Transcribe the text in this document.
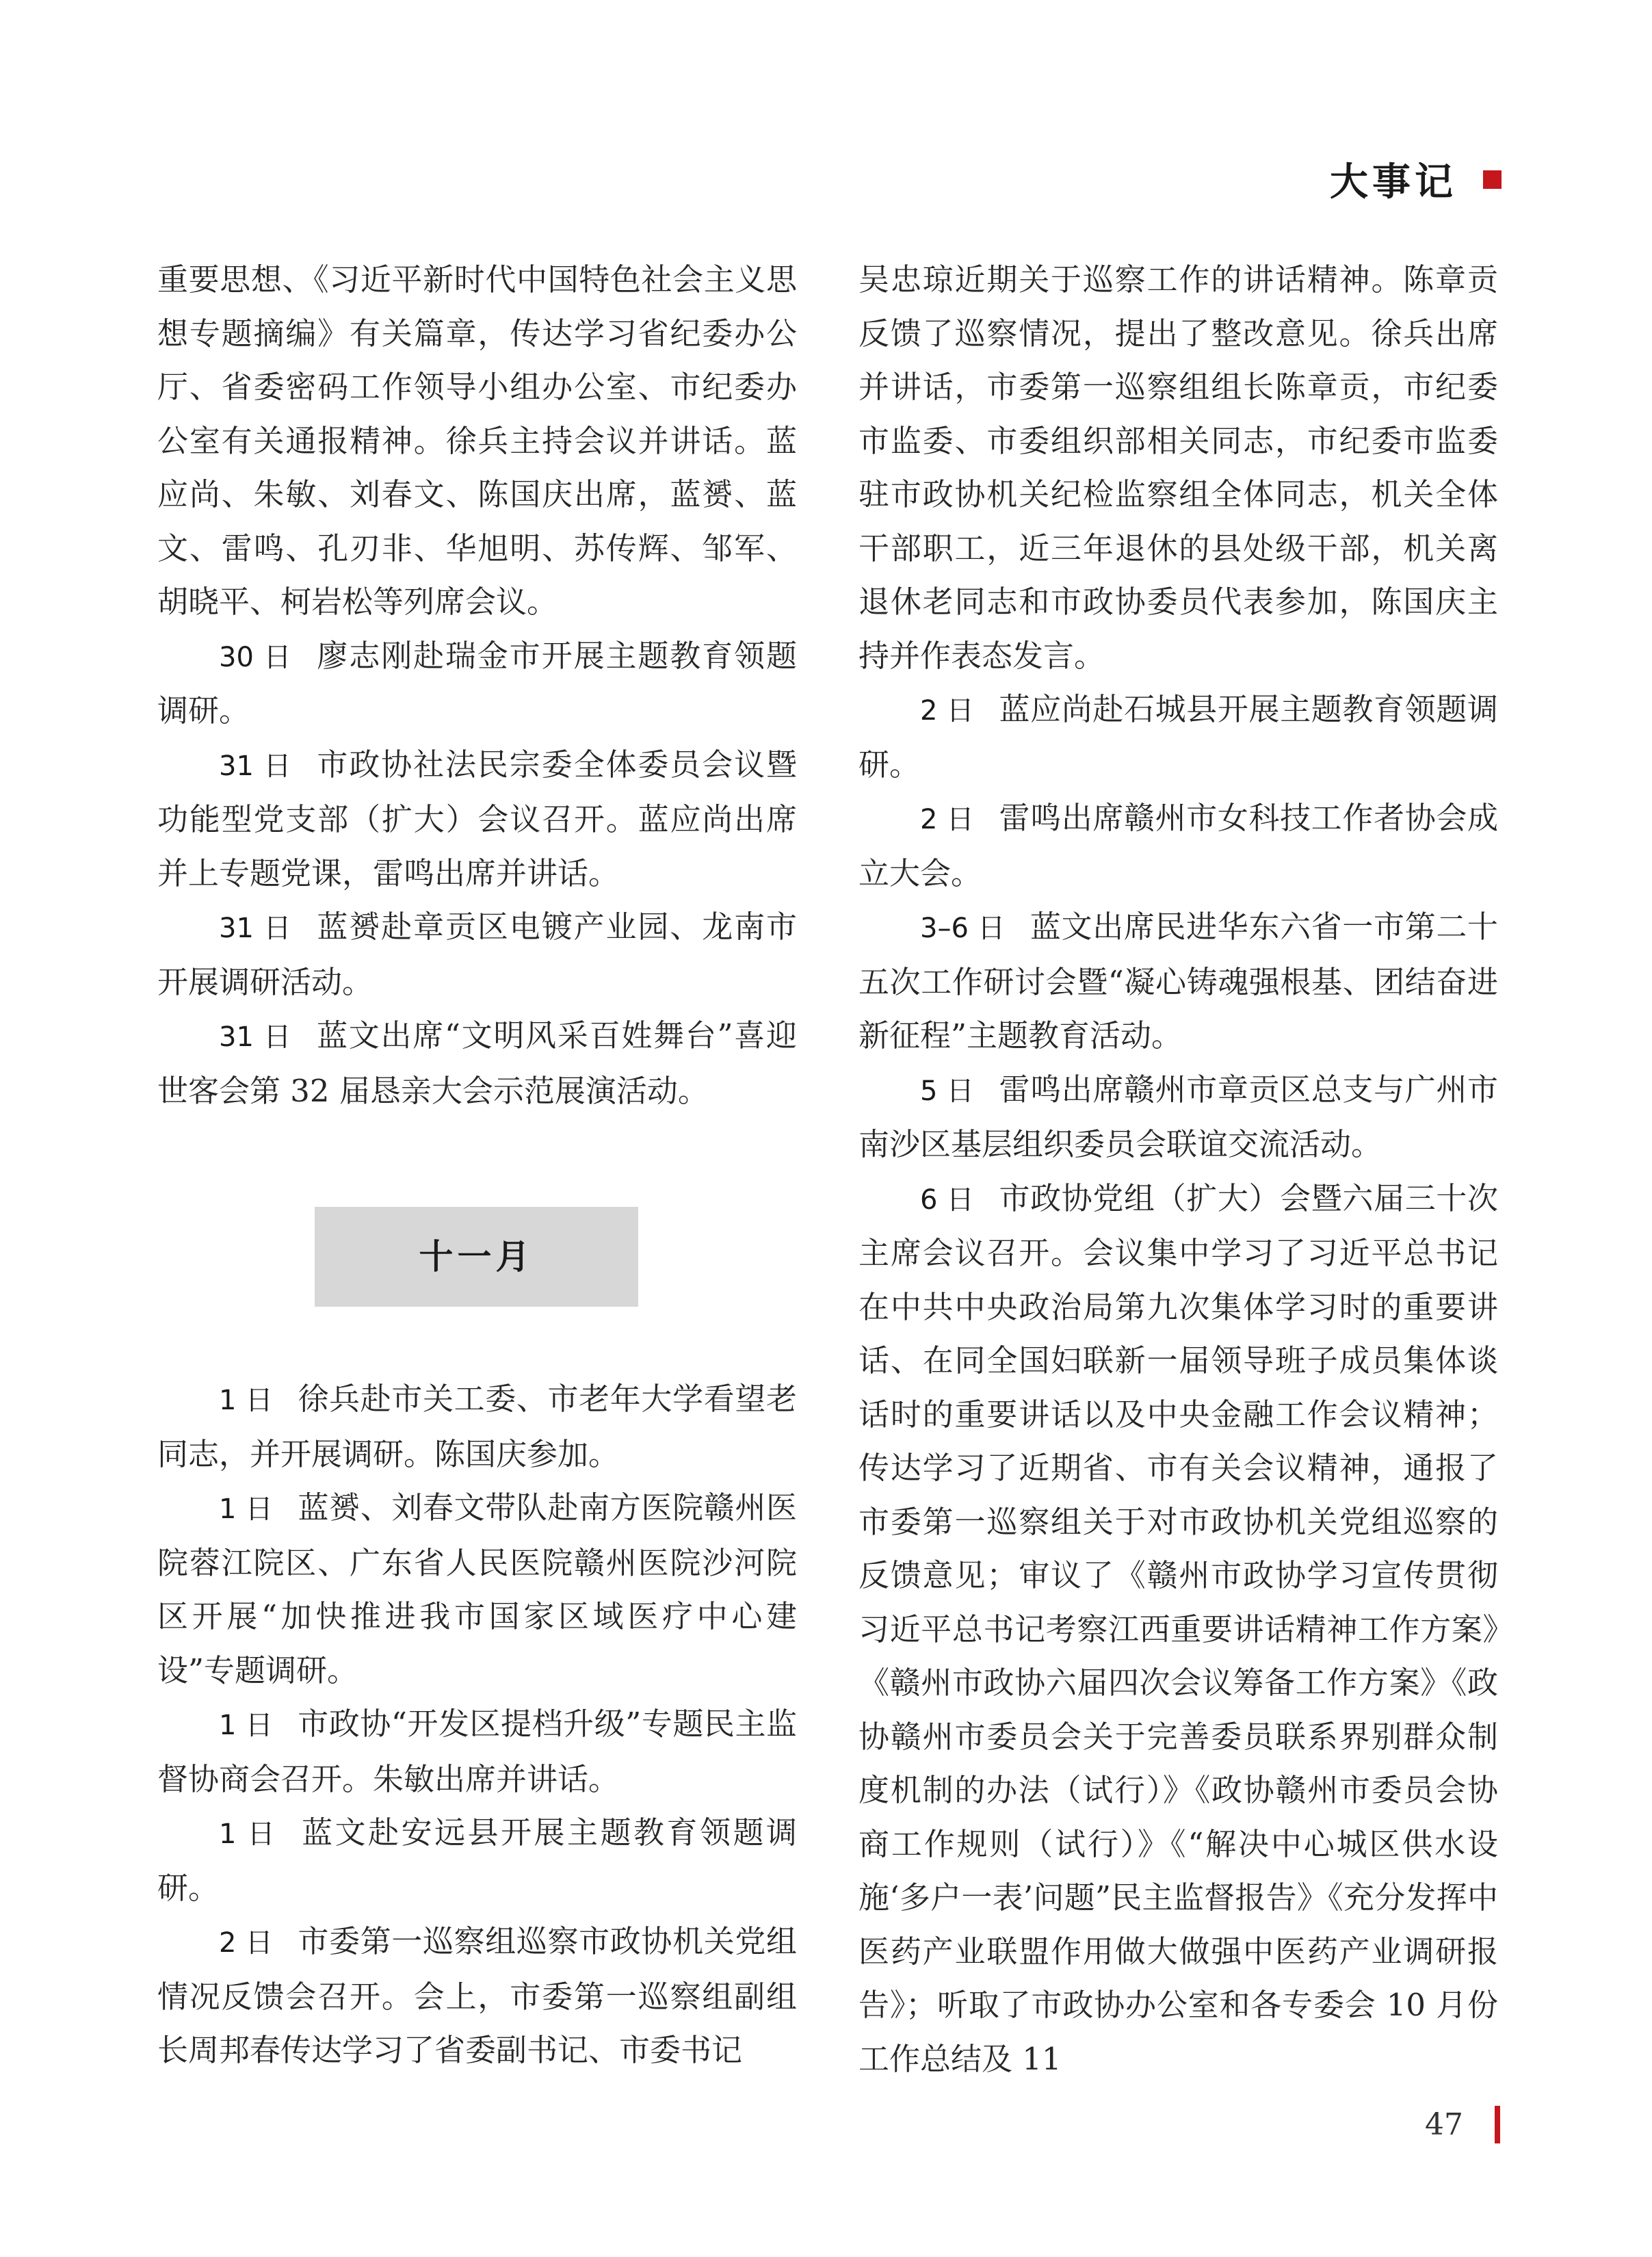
大事记

重要思想、《习近平新时代中国特色社会主义思想专题摘编》有关篇章，传达学习省纪委办公厅、省委密码工作领导小组办公室、市纪委办公室有关通报精神。徐兵主持会议并讲话。蓝应尚、朱敏、刘春文、陈国庆出席，蓝赟、蓝文、雷鸣、孔刃非、华旭明、苏传辉、邹军、胡晓平、柯岩松等列席会议。

30 日 廖志刚赴瑞金市开展主题教育领题调研。

31 日 市政协社法民宗委全体委员会议暨功能型党支部（扩大）会议召开。蓝应尚出席并上专题党课，雷鸣出席并讲话。

31 日 蓝赟赴章贡区电镀产业园、龙南市开展调研活动。

31 日 蓝文出席“文明风采百姓舞台”喜迎世客会第 32 届恳亲大会示范展演活动。

十一月

1 日 徐兵赴市关工委、市老年大学看望老同志，并开展调研。陈国庆参加。

1 日 蓝赟、刘春文带队赴南方医院赣州医院蓉江院区、广东省人民医院赣州医院沙河院区开展“加快推进我市国家区域医疗中心建设”专题调研。

1 日 市政协“开发区提档升级”专题民主监督协商会召开。朱敏出席并讲话。

1 日 蓝文赴安远县开展主题教育领题调研。

2 日 市委第一巡察组巡察市政协机关党组情况反馈会召开。会上，市委第一巡察组副组长周邦春传达学习了省委副书记、市委书记

吴忠琼近期关于巡察工作的讲话精神。陈章贡反馈了巡察情况，提出了整改意见。徐兵出席并讲话，市委第一巡察组组长陈章贡，市纪委市监委、市委组织部相关同志，市纪委市监委驻市政协机关纪检监察组全体同志，机关全体干部职工，近三年退休的县处级干部，机关离退休老同志和市政协委员代表参加，陈国庆主持并作表态发言。

2 日 蓝应尚赴石城县开展主题教育领题调研。

2 日 雷鸣出席赣州市女科技工作者协会成立大会。

3–6 日 蓝文出席民进华东六省一市第二十五次工作研讨会暨“凝心铸魂强根基、团结奋进新征程”主题教育活动。

5 日 雷鸣出席赣州市章贡区总支与广州市南沙区基层组织委员会联谊交流活动。

6 日 市政协党组（扩大）会暨六届三十次主席会议召开。会议集中学习了习近平总书记在中共中央政治局第九次集体学习时的重要讲话、在同全国妇联新一届领导班子成员集体谈话时的重要讲话以及中央金融工作会议精神；传达学习了近期省、市有关会议精神，通报了市委第一巡察组关于对市政协机关党组巡察的反馈意见；审议了《赣州市政协学习宣传贯彻习近平总书记考察江西重要讲话精神工作方案》《赣州市政协六届四次会议筹备工作方案》《政协赣州市委员会关于完善委员联系界别群众制度机制的办法（试行）》《政协赣州市委员会协商工作规则（试行）》《“解决中心城区供水设施‘多户一表’问题”民主监督报告》《充分发挥中医药产业联盟作用做大做强中医药产业调研报告》；听取了市政协办公室和各专委会 10 月份工作总结及 11

47
